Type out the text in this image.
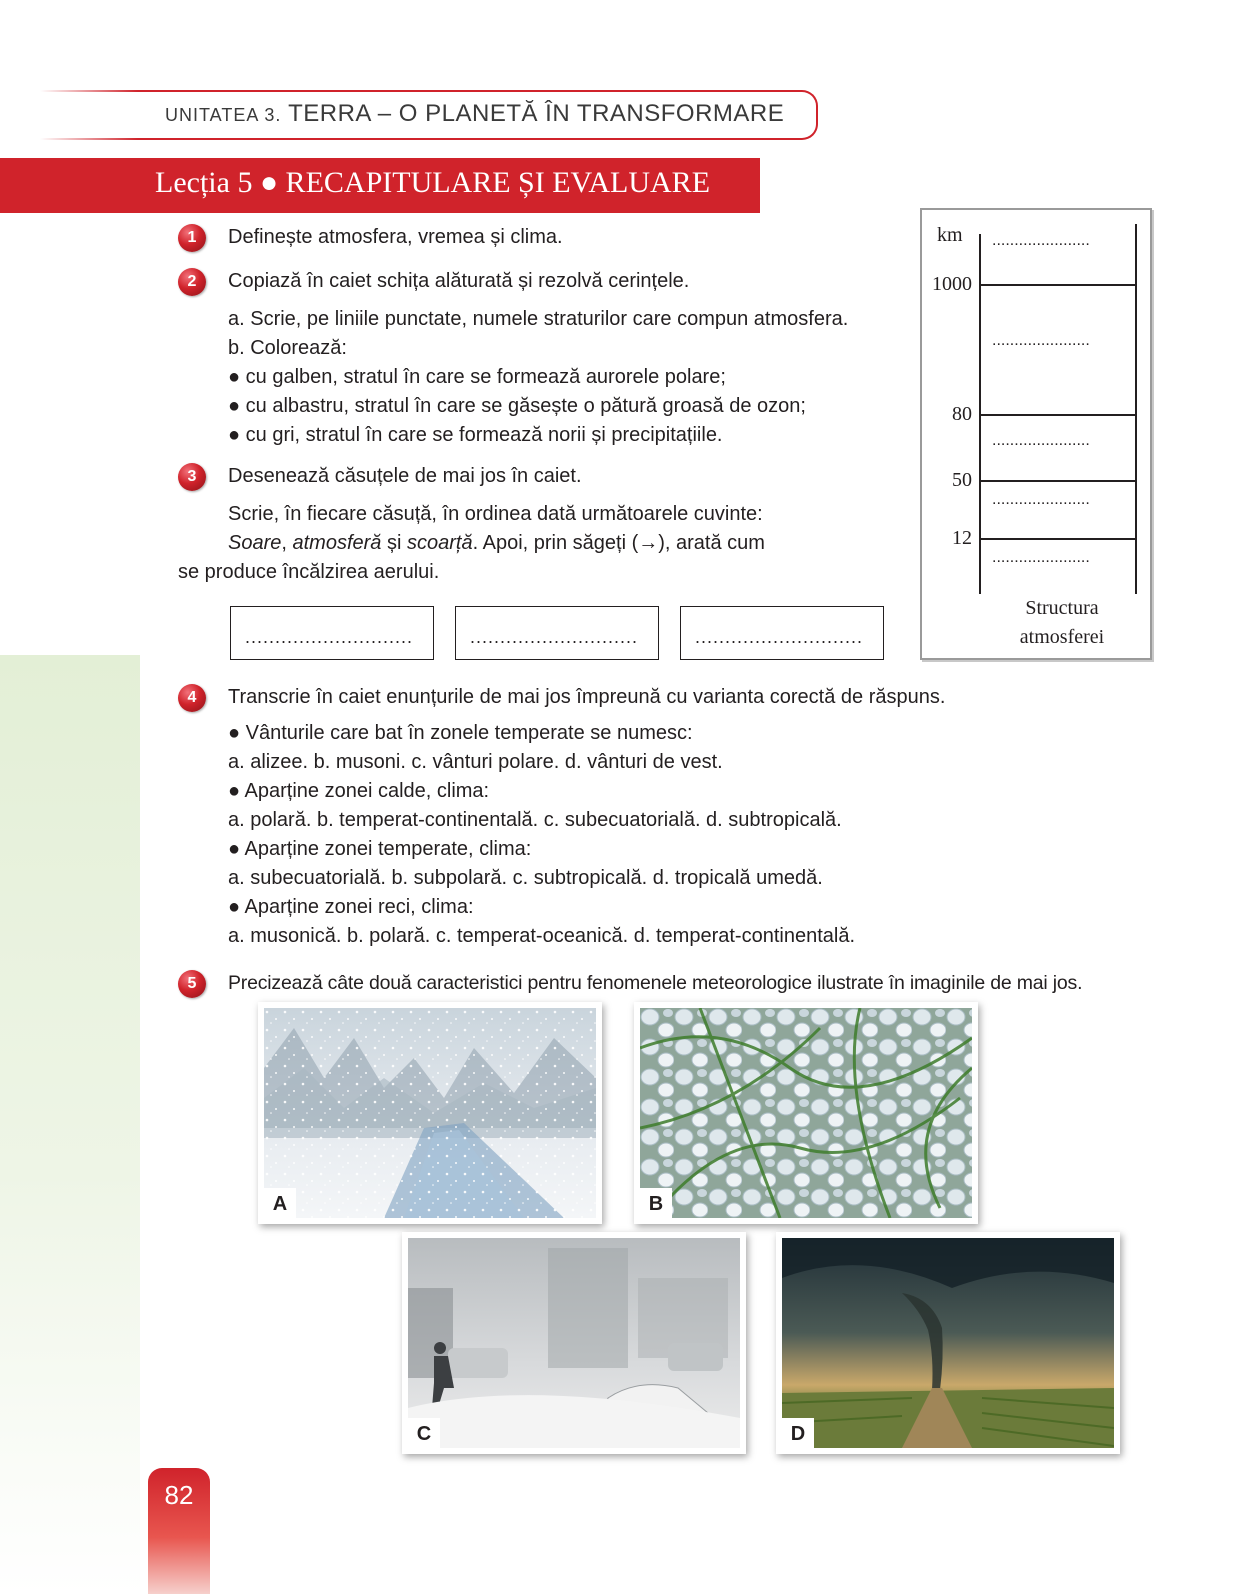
UNITATEA 3. TERRA – O PLANETĂ ÎN TRANSFORMARE
Lecția 5 ● RECAPITULARE ȘI EVALUARE
1	Definește atmosfera, vremea și clima.
2	Copiază în caiet schița alăturată și rezolvă cerințele.
a. Scrie, pe liniile punctate, numele straturilor care compun atmosfera.
b. Colorează:
● cu galben, stratul în care se formează aurorele polare;
● cu albastru, stratul în care se găsește o pătură groasă de ozon;
● cu gri, stratul în care se formează norii și precipitațiile.
3	Desenează căsuțele de mai jos în caiet.
Scrie, în fiecare căsuță, în ordinea dată următoarele cuvinte:
Soare, atmosferă și scoarță. Apoi, prin săgeți (→), arată cum
se produce încălzirea aerului.
............................	............................	............................
km
1000
80
50
12
......................
......................
......................
......................
......................
Structura
atmosferei
4	Transcrie în caiet enunțurile de mai jos împreună cu varianta corectă de răspuns.
● Vânturile care bat în zonele temperate se numesc:
a. alizee. b. musoni. c. vânturi polare. d. vânturi de vest.
● Aparține zonei calde, clima:
a. polară. b. temperat-continentală. c. subecuatorială. d. subtropicală.
● Aparține zonei temperate, clima:
a. subecuatorială. b. subpolară. c. subtropicală. d. tropicală umedă.
● Aparține zonei reci, clima:
a. musonică. b. polară. c. temperat-oceanică. d. temperat-continentală.
5	Precizează câte două caracteristici pentru fenomenele meteorologice ilustrate în imaginile de mai jos.
A	B
C	D
82
